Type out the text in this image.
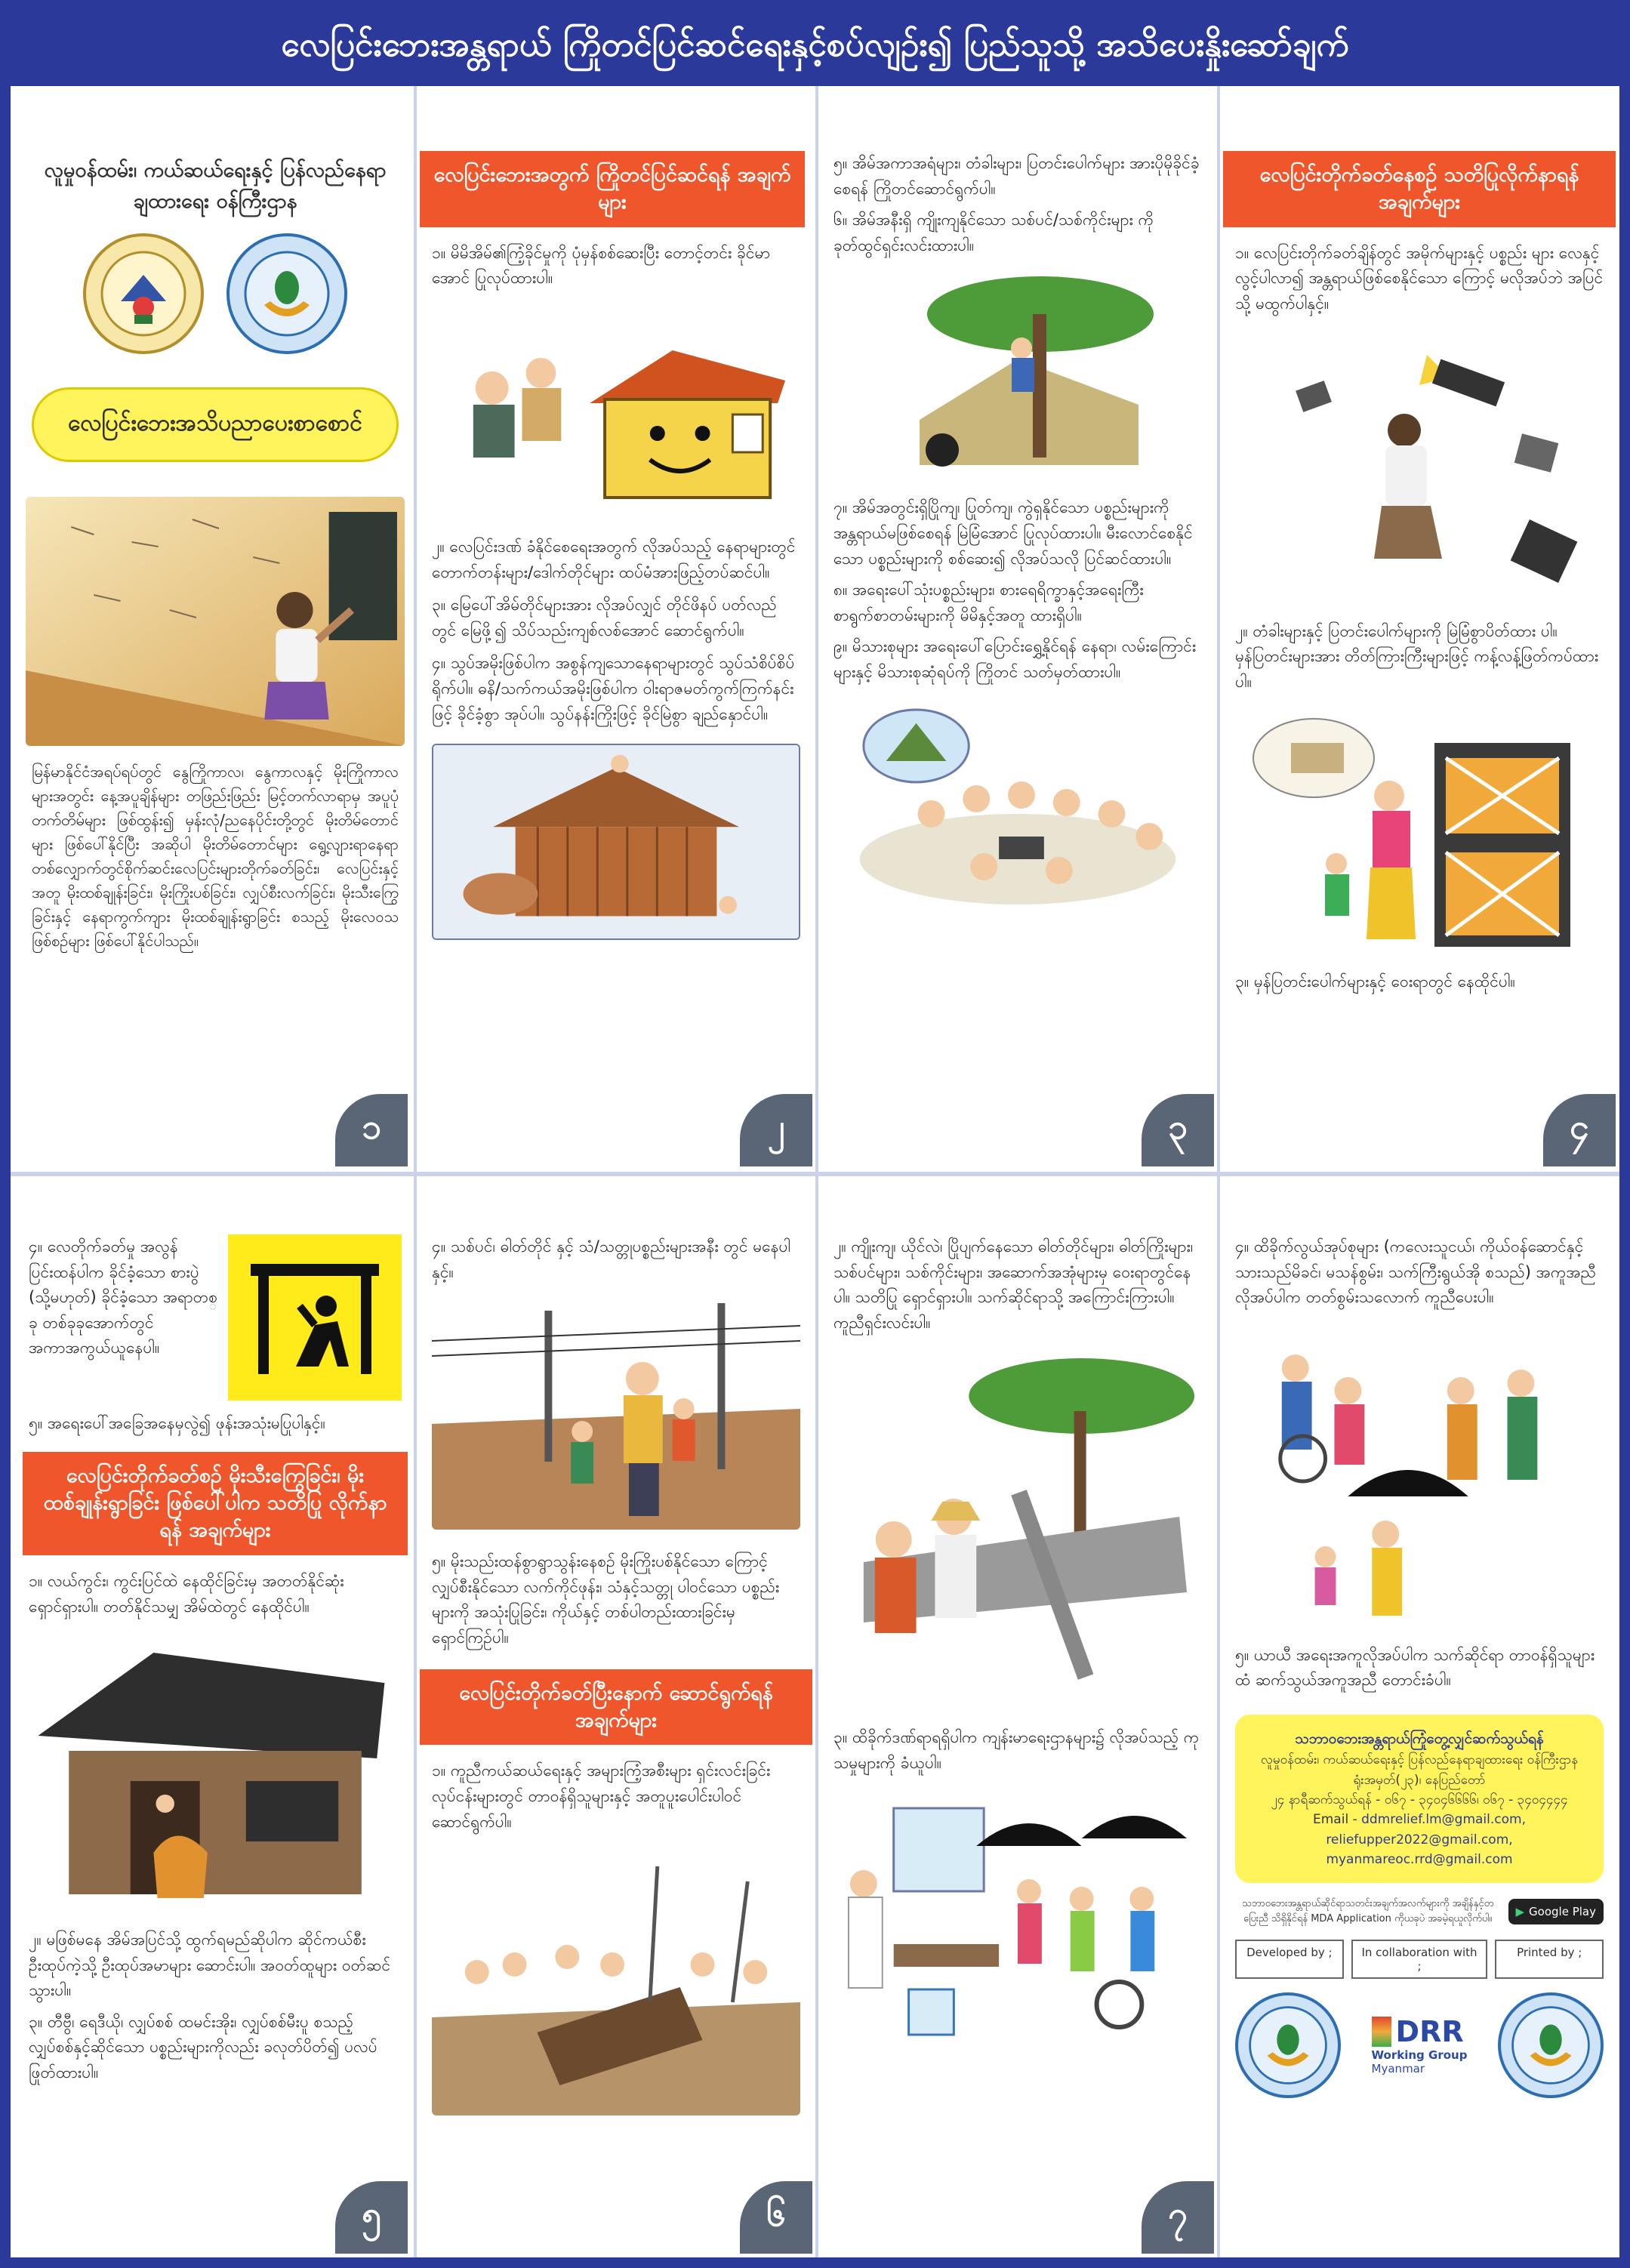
လေပြင်းဘေးအန္တရာယ် ကြိုတင်ပြင်ဆင်ရေးနှင့်စပ်လျဉ်း၍ ပြည်သူသို့ အသိပေးနှိုးဆော်ချက်
လူမှုဝန်ထမ်း၊ ကယ်ဆယ်ရေးနှင့် ပြန်လည်နေရာချထားရေး ဝန်ကြီးဌာန
လေပြင်းဘေးအသိပညာပေးစာစောင်
မြန်မာနိုင်ငံအရပ်ရပ်တွင် နွေကြိုကာလ၊ နွေကာလနှင့် မိုးကြိုကာလများအတွင်း နေ့အပူချိန်များ တဖြည်းဖြည်း မြင့်တက်လာရာမှ အပူပုံတက်တိမ်များ ဖြစ်ထွန်း၍ မှန်းလုံ/ညနေပိုင်းတို့တွင် မိုးတိမ်တောင်များ ဖြစ်ပေါ်နိုင်ပြီး အဆိုပါ မိုးတိမ်တောင်များ ရွေ့လျားရာနေရာ တစ်လျှောက်တွင်စိုက်ဆင်းလေပြင်းများတိုက်ခတ်ခြင်း၊ လေပြင်းနှင့်အတူ မိုးထစ်ချုန်းခြင်း၊ မိုးကြိုးပစ်ခြင်း၊ လျှပ်စီးလက်ခြင်း၊ မိုးသီးကြွေခြင်းနှင့် နေရာကွက်ကျား မိုးထစ်ချုန်းရွာခြင်း စသည့် မိုးလေဝသဖြစ်စဉ်များ ဖြစ်ပေါ်နိုင်ပါသည်။
၁
လေပြင်းဘေးအတွက် ကြိုတင်ပြင်ဆင်ရန် အချက်များ
၁။ မိမိအိမ်၏ကြံ့ခိုင်မှုကို ပုံမှန်စစ်ဆေးပြီး တောင့်တင်း ခိုင်မာအောင် ပြုလုပ်ထားပါ။
၂။ လေပြင်းဒဏ် ခံနိုင်စေရေးအတွက် လိုအပ်သည့် နေရာများတွင် တောက်တန်းများ/ဒေါက်တိုင်များ ထပ်မံအားဖြည့်တပ်ဆင်ပါ။
၃။ မြေပေါ်အိမ်တိုင်များအား လိုအပ်လျှင် တိုင်ဖိနပ် ပတ်လည်တွင် မြေဖို့၍ သိပ်သည်းကျစ်လစ်အောင် ဆောင်ရွက်ပါ။
၄။ သွပ်အမိုးဖြစ်ပါက အစွန်ကျသောနေရာများတွင် သွပ်သံစိပ်စိပ်ရိုက်ပါ။ ဓနိ/သက်ကယ်အမိုးဖြစ်ပါက ဝါးရာဇမတ်ကွက်ကြက်နင်းဖြင့် ခိုင်ခံ့စွာ အုပ်ပါ။ သွပ်နန်းကြိုးဖြင့် ခိုင်မြဲစွာ ချည်နှောင်ပါ။
၂
၅။ အိမ်အကာအရံများ၊ တံခါးများ၊ ပြတင်းပေါက်များ အားပိုမိုခိုင်ခံ့စေရန် ကြိုတင်ဆောင်ရွက်ပါ။
၆။ အိမ်အနီးရှိ ကျိုးကျနိုင်သော သစ်ပင်/သစ်ကိုင်းများ ကို ခုတ်ထွင်ရှင်းလင်းထားပါ။
၇။ အိမ်အတွင်းရှိပြိုကျ၊ ပြုတ်ကျ၊ ကွဲရှနိုင်သော ပစ္စည်းများကို အန္တရာယ်မဖြစ်စေရန် မြဲမြံအောင် ပြုလုပ်ထားပါ။ မီးလောင်စေနိုင်သော ပစ္စည်းများကို စစ်ဆေး၍ လိုအပ်သလို ပြင်ဆင်ထားပါ။
၈။ အရေးပေါ်သုံးပစ္စည်းများ၊ စားရေရိက္ခာနှင့်အရေးကြီး စာရွက်စာတမ်းများကို မိမိနှင့်အတူ ထားရှိပါ။
၉။ မိသားစုများ အရေးပေါ်ပြောင်းရွှေ့နိုင်ရန် နေရာ၊ လမ်းကြောင်းများနှင့် မိသားစုဆုံရပ်ကို ကြိုတင် သတ်မှတ်ထားပါ။
၃
လေပြင်းတိုက်ခတ်နေစဉ် သတိပြုလိုက်နာရန် အချက်များ
၁။ လေပြင်းတိုက်ခတ်ချိန်တွင် အမိုက်များနှင့် ပစ္စည်း များ လေနှင့်လွင့်ပါလာ၍ အန္တရာယ်ဖြစ်စေနိုင်သော ကြောင့် မလိုအပ်ဘဲ အပြင်သို့ မထွက်ပါနှင့်။
၂။ တံခါးများနှင့် ပြတင်းပေါက်များကို မြဲမြံစွာပိတ်ထား ပါ။ မှန်ပြတင်းများအား တိတ်ကြားကြီးများဖြင့် ကန့်လန့်ဖြတ်ကပ်ထားပါ။
၃။ မှန်ပြတင်းပေါက်များနှင့် ဝေးရာတွင် နေထိုင်ပါ။
၄
၄။ လေတိုက်ခတ်မှု အလွန် ပြင်းထန်ပါက ခိုင်ခံ့သော စားပွဲ (သို့မဟုတ်) ခိုင်ခံ့သော အရာတစ္ခု တစ်ခုခုအောက်တွင် အကာအကွယ်ယူနေပါ။
၅။ အရေးပေါ်အခြေအနေမှလွဲ၍ ဖုန်းအသုံးမပြုပါနှင့်။
လေပြင်းတိုက်ခတ်စဉ် မိုးသီးကြွေခြင်း၊ မိုးထစ်ချုန်းရွာခြင်း ဖြစ်ပေါ်ပါက သတိပြု လိုက်နာရန် အချက်များ
၁။ လယ်ကွင်း၊ ကွင်းပြင်ထဲ နေထိုင်ခြင်းမှ အတတ်နိုင်ဆုံး ရှောင်ရှားပါ။ တတ်နိုင်သမျှ အိမ်ထဲတွင် နေထိုင်ပါ။
၂။ မဖြစ်မနေ အိမ်အပြင်သို့ ထွက်ရမည်ဆိုပါက ဆိုင်ကယ်စီးဦးထုပ်ကဲ့သို့ ဦးထုပ်အမာများ ဆောင်းပါ။ အဝတ်ထူများ ဝတ်ဆင်သွားပါ။
၃။ တီဗွီ၊ ရေဒီယို၊ လျှပ်စစ် ထမင်းအိုး၊ လျှပ်စစ်မီးပူ စသည့် လျှပ်စစ်နှင့်ဆိုင်သော ပစ္စည်းများကိုလည်း ခလုတ်ပိတ်၍ ပလပ်ဖြုတ်ထားပါ။
၅
၄။ သစ်ပင်၊ ဓါတ်တိုင် နှင့် သံ/သတ္တုပစ္စည်းများအနီး တွင် မနေပါနှင့်။
၅။ မိုးသည်းထန်စွာရွာသွန်းနေစဉ် မိုးကြိုးပစ်နိုင်သော ကြောင့် လျှပ်စီးနိုင်သော လက်ကိုင်ဖုန်း၊ သံနှင့်သတ္တု ပါဝင်သော ပစ္စည်းများကို အသုံးပြုခြင်း၊ ကိုယ်နှင့် တစ်ပါတည်းထားခြင်းမှ ရှောင်ကြဉ်ပါ။
လေပြင်းတိုက်ခတ်ပြီးနောက် ဆောင်ရွက်ရန် အချက်များ
၁။ ကူညီကယ်ဆယ်ရေးနှင့် အများကြံ့အစီးများ ရှင်းလင်းခြင်းလုပ်ငန်းများတွင် တာဝန်ရှိသူများနှင့် အတူပူးပေါင်းပါဝင် ဆောင်ရွက်ပါ။
၆
၂။ ကျိုးကျ၊ ယိုင်လဲ၊ ပြိုပျက်နေသော ဓါတ်တိုင်များ၊ ဓါတ်ကြိုးများ၊ သစ်ပင်များ၊ သစ်ကိုင်းများ၊ အဆောက်အအုံများမှ ဝေးရာတွင်နေပါ။ သတိပြု ရှောင်ရှားပါ။ သက်ဆိုင်ရာသို့ အကြောင်းကြားပါ။ ကူညီရှင်းလင်းပါ။
၃။ ထိခိုက်ဒဏ်ရာရရှိပါက ကျန်းမာရေးဌာနများ၌ လိုအပ်သည့် ကုသမှုများကို ခံယူပါ။
၇
၄။ ထိခိုက်လွယ်အုပ်စုများ (ကလေးသူငယ်၊ ကိုယ်ဝန်ဆောင်နှင့် သားသည်မိခင်၊ မသန်စွမ်း၊ သက်ကြီးရွယ်အို စသည်) အကူအညီ လိုအပ်ပါက တတ်စွမ်းသလောက် ကူညီပေးပါ။
၅။ ယာယီ အရေးအကူလိုအပ်ပါက သက်ဆိုင်ရာ တာဝန်ရှိသူများထံ ဆက်သွယ်အကူအညီ တောင်းခံပါ။
သဘာဝဘေးအန္တရာယ်ကြုံတွေ့လျှင်ဆက်သွယ်ရန်
လူမှုဝန်ထမ်း၊ ကယ်ဆယ်ရေးနှင့် ပြန်လည်နေရာချထားရေး ဝန်ကြီးဌာန
ရုံးအမှတ်(၂၃)၊ နေပြည်တော်
၂၄ နာရီဆက်သွယ်ရန် - ၀၆၇ - ၃၄၀၄၆၆၆၆၊ ၀၆၇ - ၃၄၀၄၄၄၄
Email - ddmrelief.lm@gmail.com,
reliefupper2022@gmail.com,
myanmareoc.rrd@gmail.com
သဘာဝဘေးအန္တရာယ်ဆိုင်ရာသတင်းအချက်အလက်များကို အချိန်နှင့်တပြေးညီ သိရှိနိုင်ရန် MDA Application ကိုယခုပဲ အခမဲ့ရယူလိုက်ပါ။
▶ Google Play
Developed by ;	In collaboration with ;
Printed by ;
DRR
Working Group
Myanmar
